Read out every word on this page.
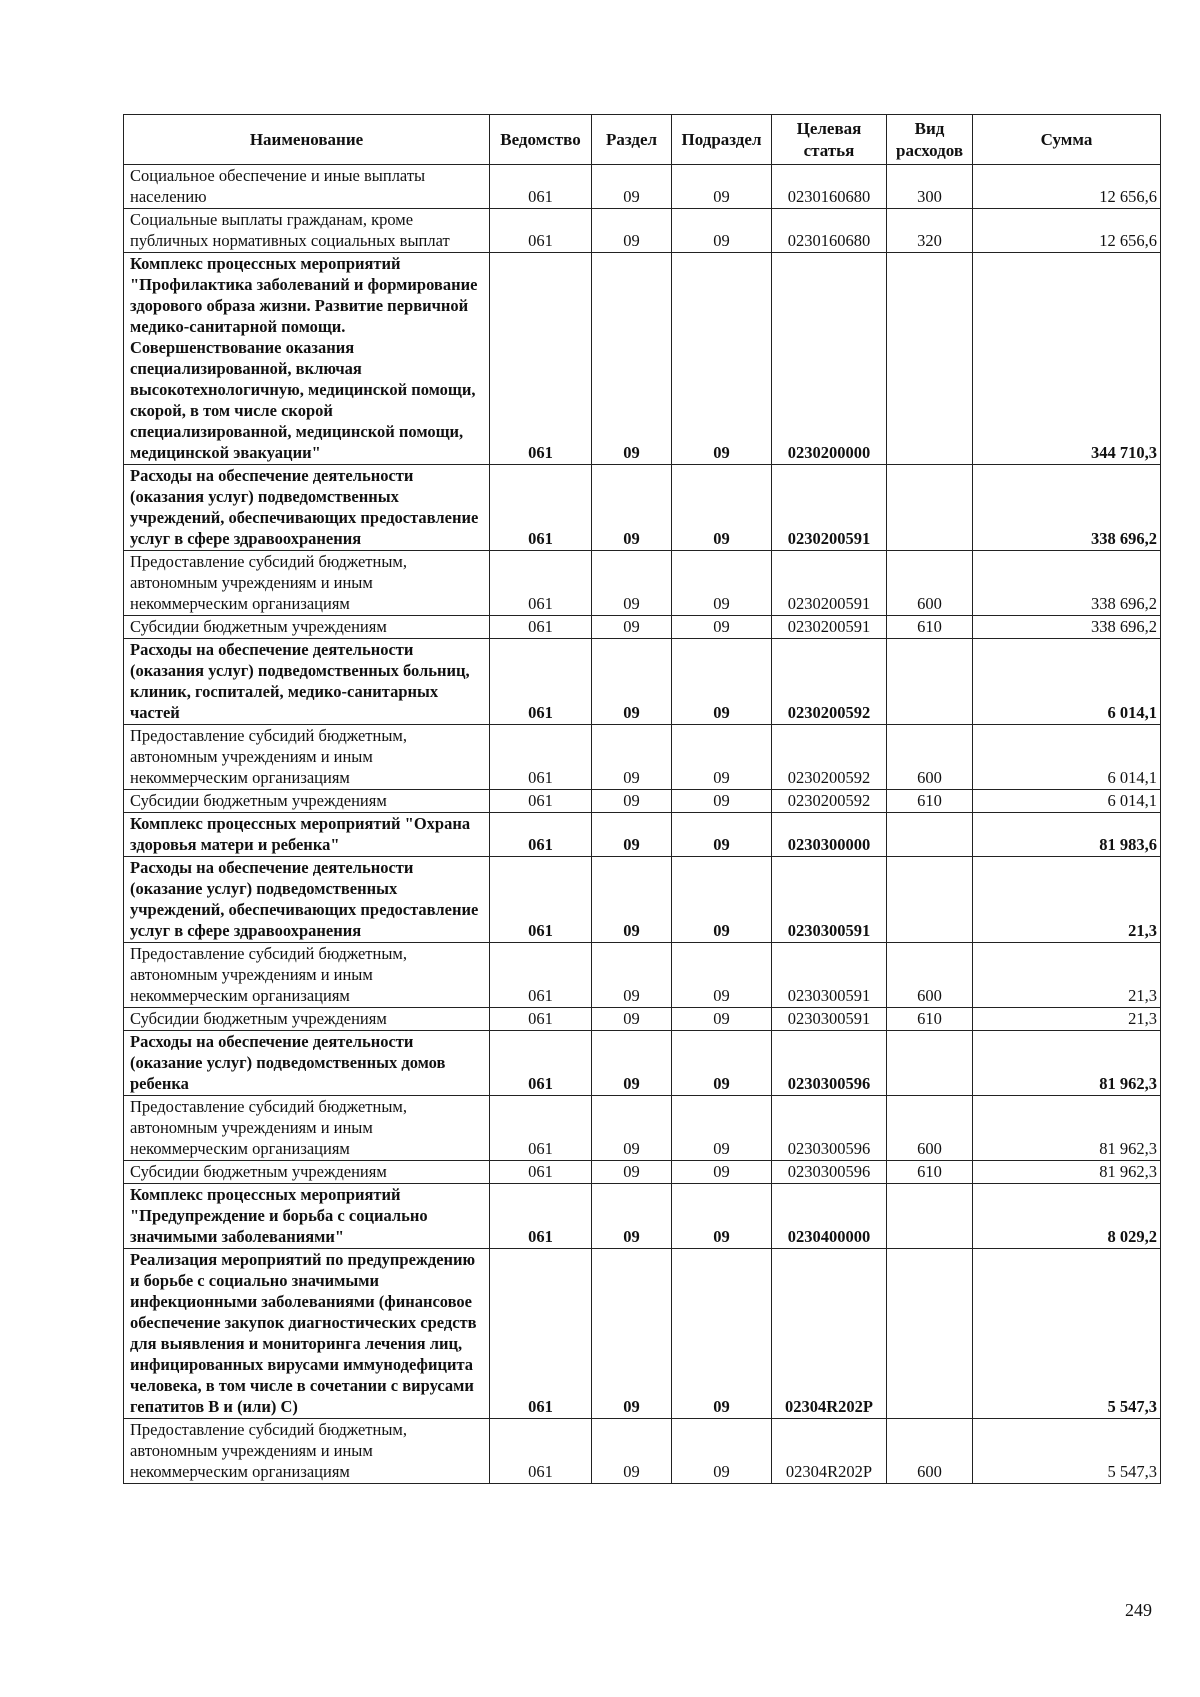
Наименование	Ведомство	Раздел	Подраздел	Целевая статья	Вид расходов	Сумма
Социальное обеспечение и иные выплаты населению	061	09	09	0230160680	300	12 656,6
Социальные выплаты гражданам, кроме публичных нормативных социальных выплат	061	09	09	0230160680	320	12 656,6
Комплекс процессных мероприятий "Профилактика заболеваний и формирование здорового образа жизни. Развитие первичной медико-санитарной помощи. Совершенствование оказания специализированной, включая высокотехнологичную, медицинской помощи, скорой, в том числе скорой специализированной, медицинской помощи, медицинской эвакуации"	061	09	09	0230200000		344 710,3
Расходы на обеспечение деятельности (оказания услуг) подведомственных учреждений, обеспечивающих предоставление услуг в сфере здравоохранения	061	09	09	0230200591		338 696,2
Предоставление субсидий бюджетным, автономным учреждениям и иным некоммерческим организациям	061	09	09	0230200591	600	338 696,2
Субсидии бюджетным учреждениям	061	09	09	0230200591	610	338 696,2
Расходы на обеспечение деятельности (оказания услуг) подведомственных больниц, клиник, госпиталей, медико-санитарных частей	061	09	09	0230200592		6 014,1
Предоставление субсидий бюджетным, автономным учреждениям и иным некоммерческим организациям	061	09	09	0230200592	600	6 014,1
Субсидии бюджетным учреждениям	061	09	09	0230200592	610	6 014,1
Комплекс процессных мероприятий "Охрана здоровья матери и ребенка"	061	09	09	0230300000		81 983,6
Расходы на обеспечение деятельности (оказание услуг) подведомственных учреждений, обеспечивающих предоставление услуг в сфере здравоохранения	061	09	09	0230300591		21,3
Предоставление субсидий бюджетным, автономным учреждениям и иным некоммерческим организациям	061	09	09	0230300591	600	21,3
Субсидии бюджетным учреждениям	061	09	09	0230300591	610	21,3
Расходы на обеспечение деятельности (оказание услуг) подведомственных домов ребенка	061	09	09	0230300596		81 962,3
Предоставление субсидий бюджетным, автономным учреждениям и иным некоммерческим организациям	061	09	09	0230300596	600	81 962,3
Субсидии бюджетным учреждениям	061	09	09	0230300596	610	81 962,3
Комплекс процессных мероприятий "Предупреждение и борьба с социально значимыми заболеваниями"	061	09	09	0230400000		8 029,2
Реализация мероприятий по предупреждению и борьбе с социально значимыми инфекционными заболеваниями (финансовое обеспечение закупок диагностических средств для выявления и мониторинга лечения лиц, инфицированных вирусами иммунодефицита человека, в том числе в сочетании с вирусами гепатитов B и (или) C)	061	09	09	02304R202P		5 547,3
Предоставление субсидий бюджетным, автономным учреждениям и иным некоммерческим организациям	061	09	09	02304R202P	600	5 547,3
249
